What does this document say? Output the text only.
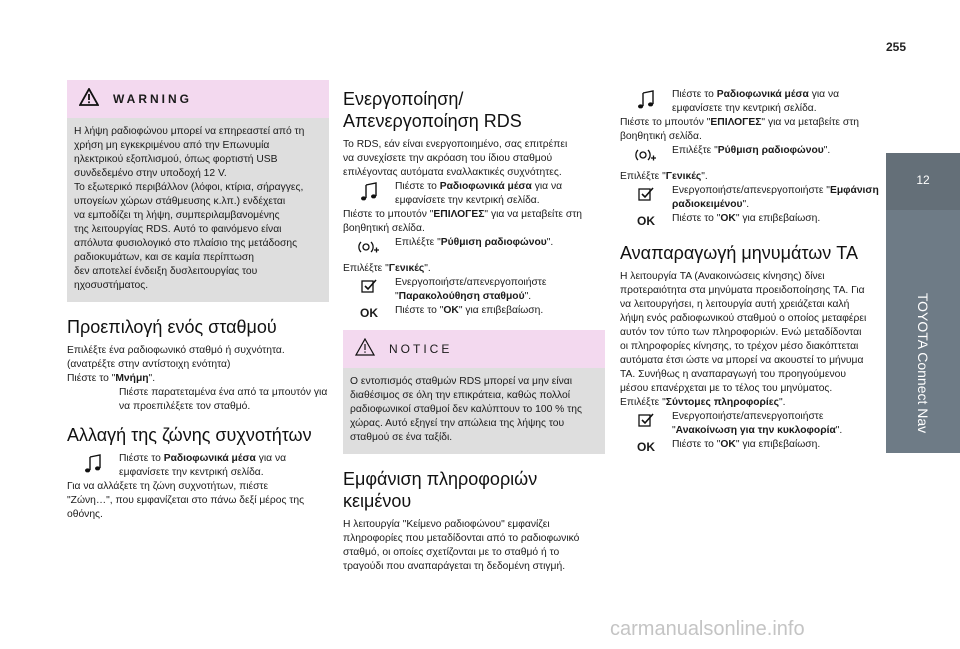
255
12
TOYOTA Connect Nav
WARNING
Η λήψη ραδιοφώνου μπορεί να επηρεαστεί από τη
χρήση μη εγκεκριμένου από την Επωνυμία
ηλεκτρικού εξοπλισμού, όπως φορτιστή USB
συνδεδεμένο στην υποδοχή 12 V.
Το εξωτερικό περιβάλλον (λόφοι, κτίρια, σήραγγες,
υπογείων χώρων στάθμευσης κ.λπ.) ενδέχεται
να εμποδίζει τη λήψη, συμπεριλαμβανομένης
της λειτουργίας RDS. Αυτό το φαινόμενο είναι
απόλυτα φυσιολογικό στο πλαίσιο της μετάδοσης
ραδιοκυμάτων, και σε καμία περίπτωση
δεν αποτελεί ένδειξη δυσλειτουργίας του
ηχοσυστήματος.
Προεπιλογή ενός σταθμού

Επιλέξτε ένα ραδιοφωνικό σταθμό ή συχνότητα.
(ανατρέξτε στην αντίστοιχη ενότητα)

Πιέστε το "Μνήμη".

Πιέστε παρατεταμένα ένα από τα μπουτόν για
να προεπιλέξετε τον σταθμό.
Αλλαγή της ζώνης συχνοτήτων
Πιέστε το Ραδιοφωνικά μέσα για να
εμφανίσετε την κεντρική σελίδα.

Για να αλλάξετε τη ζώνη συχνοτήτων, πιέστε
"Ζώνη…", που εμφανίζεται στο πάνω δεξί μέρος της
οθόνης.

Ενεργοποίηση/
Απενεργοποίηση RDS

Το RDS, εάν είναι ενεργοποιημένο, σας επιτρέπει
να συνεχίσετε την ακρόαση του ίδιου σταθμού
επιλέγοντας αυτόματα εναλλακτικές συχνότητες.

Πιέστε το Ραδιοφωνικά μέσα για να
εμφανίσετε την κεντρική σελίδα.

Πιέστε το μπουτόν "ΕΠΙΛΟΓΕΣ" για να μεταβείτε στη
βοηθητική σελίδα.

Επιλέξτε "Ρύθμιση ραδιοφώνου".

Επιλέξτε "Γενικές".

Ενεργοποιήστε/απενεργοποιήστε
"Παρακολούθηση σταθμού".
OK Πιέστε το "OK" για επιβεβαίωση.
NOTICE
Ο εντοπισμός σταθμών RDS μπορεί να μην είναι
διαθέσιμος σε όλη την επικράτεια, καθώς πολλοί
ραδιοφωνικοί σταθμοί δεν καλύπτουν το 100 % της
χώρας. Αυτό εξηγεί την απώλεια της λήψης του
σταθμού σε ένα ταξίδι.
Εμφάνιση πληροφοριών
κειμένου

Η λειτουργία "Κείμενο ραδιοφώνου" εμφανίζει
πληροφορίες που μεταδίδονται από το ραδιοφωνικό
σταθμό, οι οποίες σχετίζονται με το σταθμό ή το
τραγούδι που αναπαράγεται τη δεδομένη στιγμή.

Πιέστε το Ραδιοφωνικά μέσα για να
εμφανίσετε την κεντρική σελίδα.

Πιέστε το μπουτόν "ΕΠΙΛΟΓΕΣ" για να μεταβείτε στη
βοηθητική σελίδα.

Επιλέξτε "Ρύθμιση ραδιοφώνου".

Επιλέξτε "Γενικές".

Ενεργοποιήστε/απενεργοποιήστε "Εμφάνιση
ραδιοκειμένου".
OK Πιέστε το "OK" για επιβεβαίωση.
Αναπαραγωγή μηνυμάτων TA

Η λειτουργία TA (Ανακοινώσεις κίνησης) δίνει
προτεραιότητα στα μηνύματα προειδοποίησης TA. Για
να λειτουργήσει, η λειτουργία αυτή χρειάζεται καλή
λήψη ενός ραδιοφωνικού σταθμού ο οποίος μεταφέρει
αυτόν τον τύπο των πληροφοριών. Ενώ μεταδίδονται
οι πληροφορίες κίνησης, το τρέχον μέσο διακόπτεται
αυτόματα έτσι ώστε να μπορεί να ακουστεί το μήνυμα
TA. Συνήθως η αναπαραγωγή του προηγούμενου
μέσου επανέρχεται με το τέλος του μηνύματος.

Επιλέξτε "Σύντομες πληροφορίες".

Ενεργοποιήστε/απενεργοποιήστε
"Ανακοίνωση για την κυκλοφορία".
OK Πιέστε το "OK" για επιβεβαίωση.
carmanualsonline.info
